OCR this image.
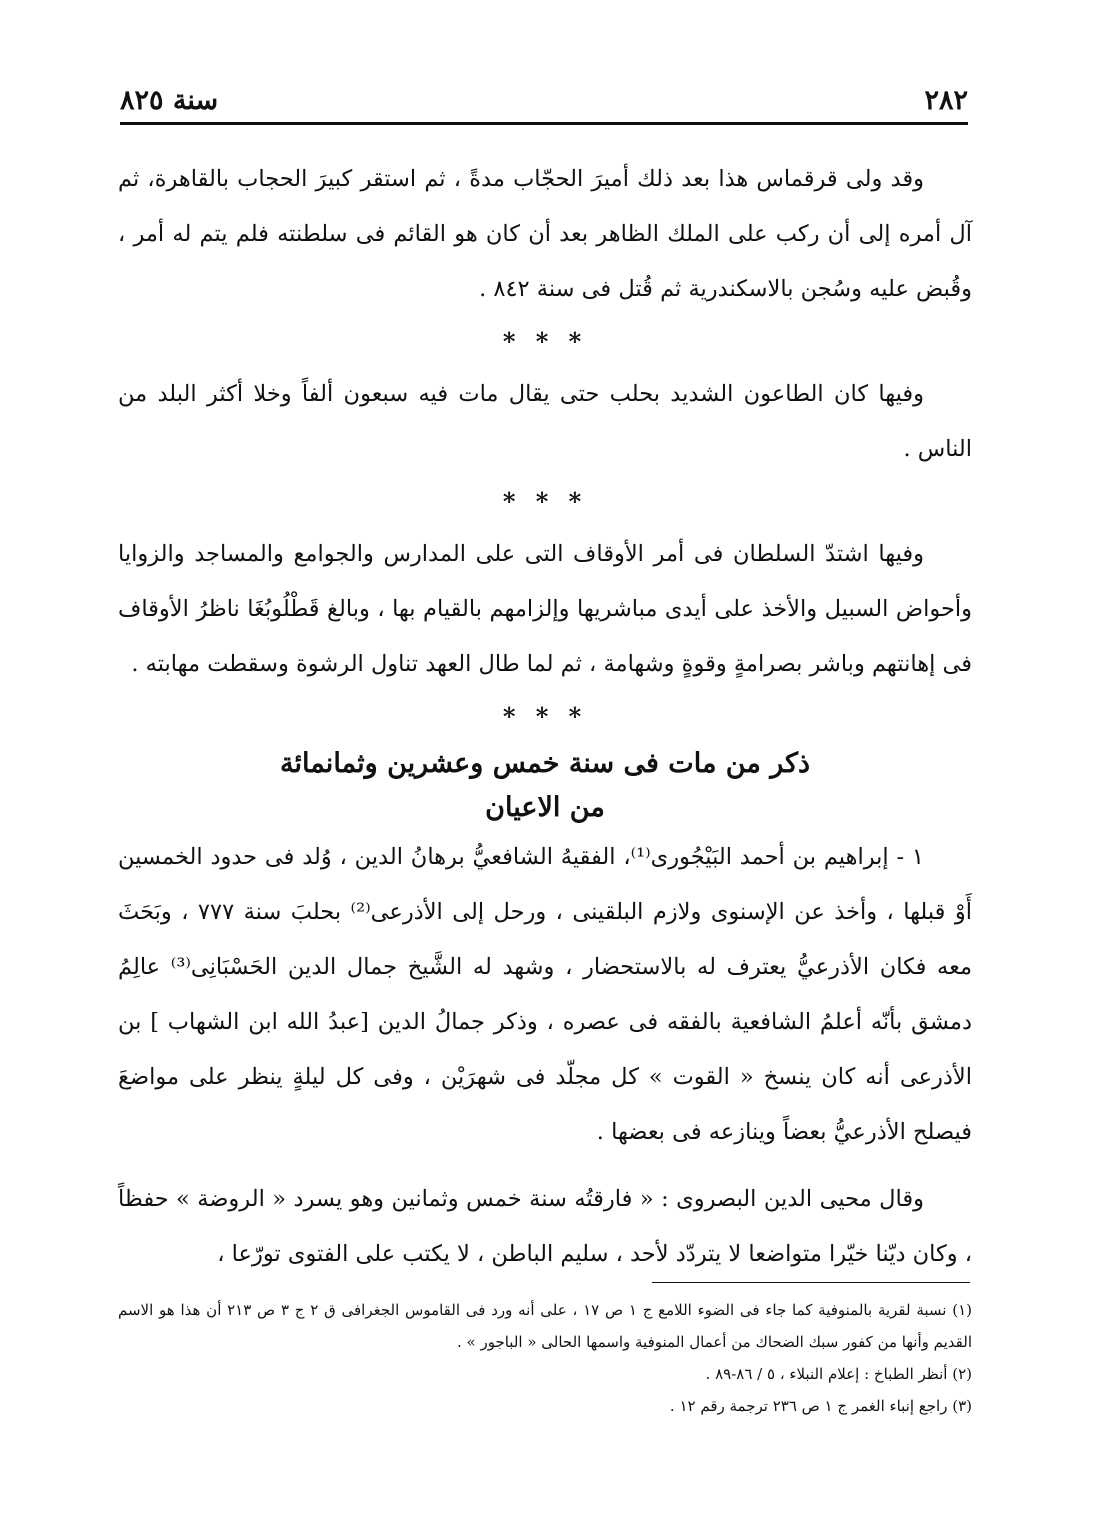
٢٨٢
سنة ٨٢٥

وقد ولى قرقماس هذا بعد ذلك أميرَ الحجّاب مدةً ، ثم استقر كبيرَ الحجاب بالقاهرة، ثم آل أمره إلى أن ركب على الملك الظاهر بعد أن كان هو القائم فى سلطنته فلم يتم له أمر ، وقُبض عليه وسُجن بالاسكندرية ثم قُتل فى سنة ٨٤٢ .

* * *

وفيها كان الطاعون الشديد بحلب حتى يقال مات فيه سبعون ألفاً وخلا أكثر البلد من الناس .

* * *

وفيها اشتدّ السلطان فى أمر الأوقاف التى على المدارس والجوامع والمساجد والزوايا وأحواض السبيل والأخذ على أيدى مباشريها وإلزامهم بالقيام بها ، وبالغ قَطْلُوبُغَا ناظرُ الأوقاف فى إهانتهم وباشر بصرامةٍ وقوةٍ وشهامة ، ثم لما طال العهد تناول الرشوة وسقطت مهابته .

* * *

ذكر من مات فى سنة خمس وعشرين وثمانمائة
من الاعيان

١ - إبراهيم بن أحمد البَيْجُورى⁽¹⁾، الفقيهُ الشافعيُّ برهانُ الدين ، وُلد فى حدود الخمسين أَوْ قبلها ، وأخذ عن الإسنوى ولازم البلقينى ، ورحل إلى الأذرعى⁽²⁾ بحلبَ سنة ٧٧٧ ، وبَحَثَ معه فكان الأذرعيُّ يعترف له بالاستحضار ، وشهد له الشَّيخ جمال الدين الحَسْبَانِى⁽³⁾ عالِمُ دمشق بأنّه أعلمُ الشافعية بالفقه فى عصره ، وذكر جمالُ الدين [عبدُ الله ابن الشهاب ] بن الأذرعى أنه كان ينسخ « القوت » كل مجلّد فى شهرَيْن ، وفى كل ليلةٍ ينظر على مواضعَ فيصلح الأذرعيُّ بعضاً وينازعه فى بعضها .

وقال محيى الدين البصروى : « فارقتُه سنة خمس وثمانين وهو يسرد « الروضة » حفظاً ، وكان ديّنا خيّرا متواضعا لا يتردّد لأحد ، سليم الباطن ، لا يكتب على الفتوى تورّعا ،

(١) نسبة لقرية بالمنوفية كما جاء فى الضوء اللامع ج ١ ص ١٧ ، على أنه ورد فى القاموس الجغرافى ق ٢ ج ٣ ص ٢١٣ أن هذا هو الاسم القديم وأنها من كفور سبك الضحاك من أعمال المنوفية واسمها الحالى « الباجور » .

(٢) أنظر الطباخ : إعلام النبلاء ، ٥ / ٨٦-٨٩ .

(٣) راجع إنباء الغمر ج ١ ص ٢٣٦ ترجمة رقم ١٢ .
